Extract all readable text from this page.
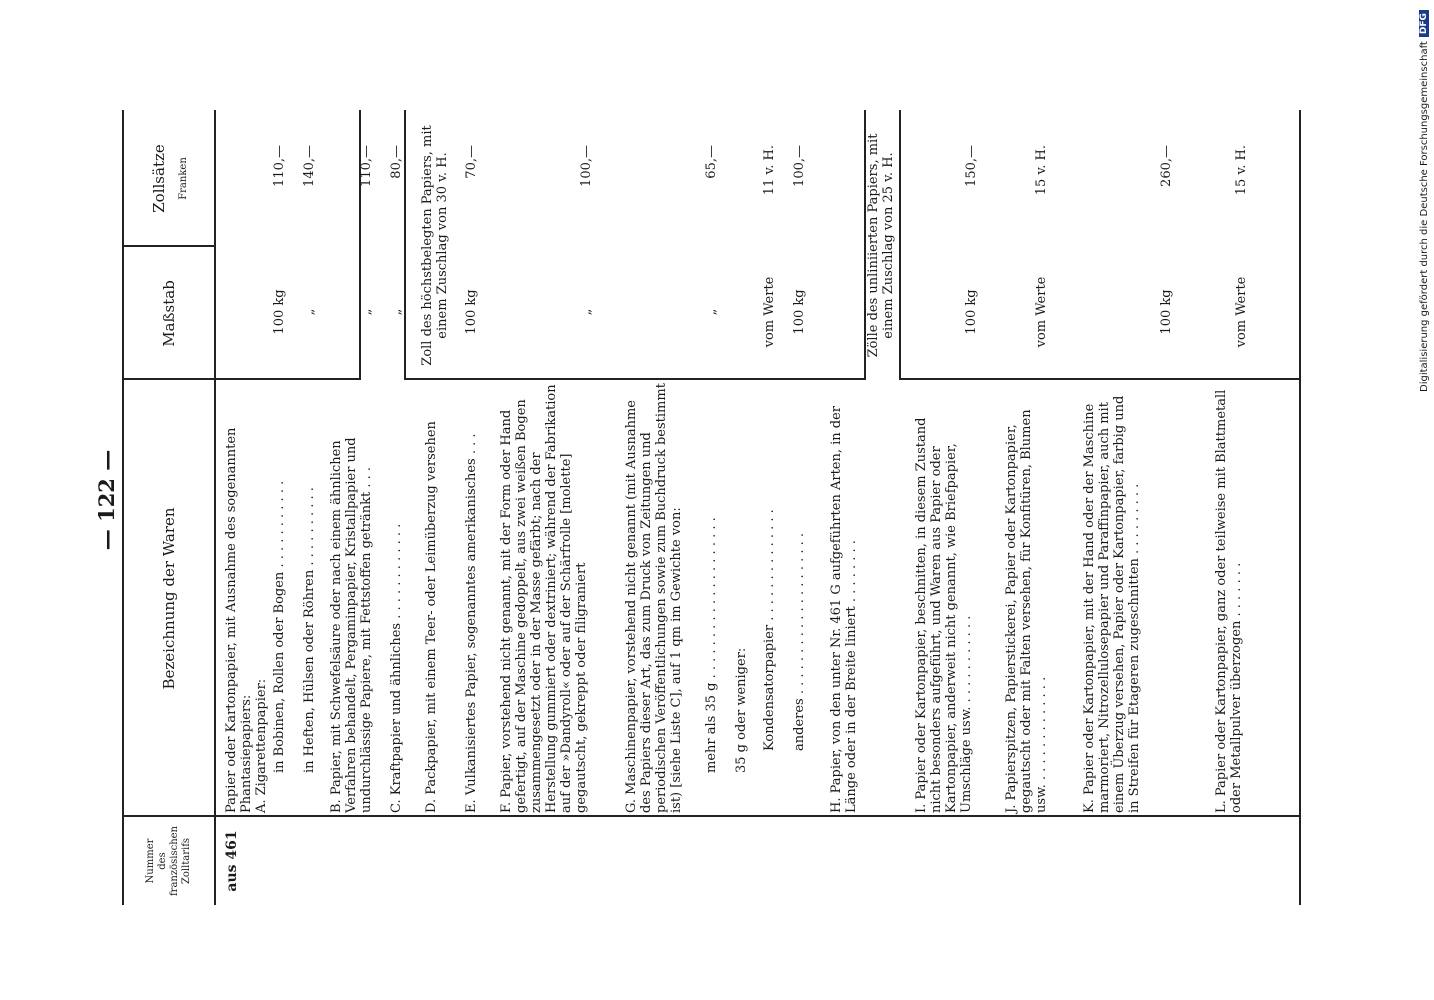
— 122 —
Nummer des französischen Zolltarifs
Bezeichnung der Waren
Maßstab
Zollsätze Franken
aus 461
Papier oder Kartonpapier, mit Ausnahme des sogenannten Phantasiepapiers: A. Zigarettenpapier: in Bobinen, Rollen oder Bogen . . . . . . . . . . .
100 kg
110,—
in Heften, Hülsen oder Röhren . . . . . . . . . .
„
140,—
B. Papier, mit Schwefelsäure oder nach einem ähnlichen Verfahren behandelt, Pergaminpapier, Kristallpapier und undurchlässige Papiere, mit Fettstoffen getränkt . . .
„
110,—
C. Kraftpapier und ähnliches . . . . . . . . . . . .
„
80,—
D. Packpapier, mit einem Teer- oder Leimüberzug versehen
Zoll des höchstbelegten Papiers, mit einem Zuschlag von 30 v. H.
E. Vulkanisiertes Papier, sogenanntes amerikanisches . . .
100 kg
70,—
F. Papier, vorstehend nicht genannt, mit der Form oder Hand gefertigt, auf der Maschine gedoppelt, aus zwei weißen Bogen zusammengesetzt oder in der Masse gefärbt; nach der Herstellung gummiert oder dextriniert; während der Fabrikation auf der »Dandyroll« oder auf der Schärfrolle [molette] gegautscht, gekreppt oder filigraniert
„
100,—
G. Maschinenpapier, vorstehend nicht genannt (mit Ausnahme des Papiers dieser Art, das zum Druck von Zeitungen und periodischen Veröffentlichungen sowie zum Buchdruck bestimmt ist) [siehe Liste C], auf 1 qm im Gewichte von: mehr als 35 g . . . . . . . . . . . . . . . . . . . .
„
65,—
35 g oder weniger: Kondensatorpapier . . . . . . . . . . . . . .
vom Werte
11 v. H.
anderes . . . . . . . . . . . . . . . . . . . .
100 kg
100,—
H. Papier, von den unter Nr. 461 G aufgeführten Arten, in der Länge oder in der Breite liniert . . . . . . . .
Zölle des unliniierten Papiers, mit einem Zuschlag von 25 v. H.
I. Papier oder Kartonpapier, beschnitten, in diesem Zustand nicht besonders aufgeführt, und Waren aus Papier oder Kartonpapier, anderweit nicht genannt, wie Briefpapier, Umschläge usw. . . . . . . . . . . .
100 kg
150,—
J. Papierspitzen, Papierstickerei, Papier oder Kartonpapier, gegautscht oder mit Falten versehen, für Konfitüren, Blumen usw. . . . . . . . . . . . . .
vom Werte
15 v. H.
K. Papier oder Kartonpapier, mit der Hand oder der Maschine marmoriert, Nitrozellulosepapier und Paraffinpapier, auch mit einem Überzug versehen, Papier oder Kartonpapier, farbig und in Streifen für Etageren zugeschnitten . . . . . . . . .
100 kg
260,—
L. Papier oder Kartonpapier, ganz oder teilweise mit Blattmetall oder Metallpulver überzogen . . . . . . .
vom Werte
15 v. H.	Digitalisierung gefördert durch die Deutsche Forschungsgemeinschaft
DFG
